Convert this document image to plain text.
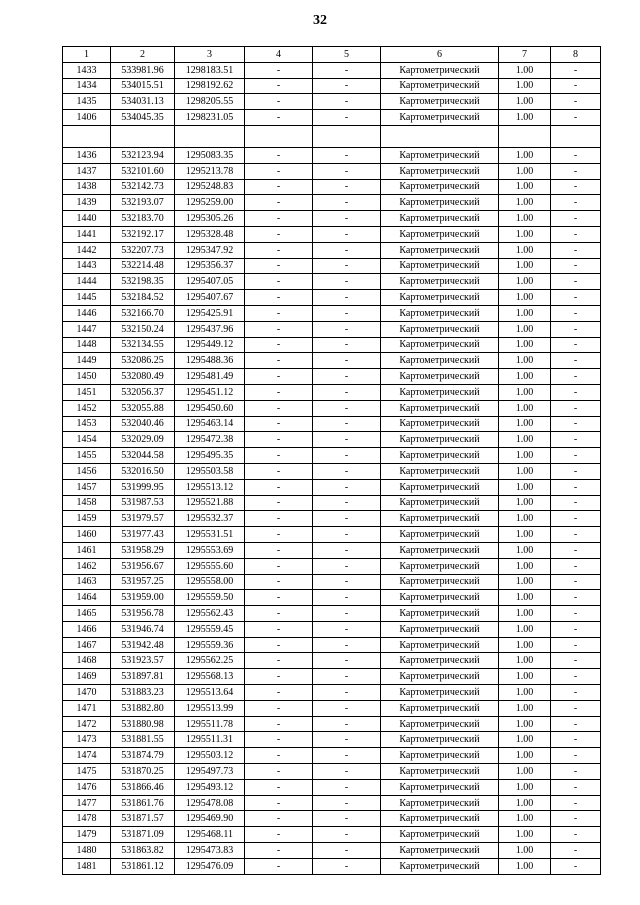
32
1	2	3	4	5	6	7	8
1433	533981.96	1298183.51	-	-	Картометрический	1.00	-
1434	534015.51	1298192.62	-	-	Картометрический	1.00	-
1435	534031.13	1298205.55	-	-	Картометрический	1.00	-
1406	534045.35	1298231.05	-	-	Картометрический	1.00	-

1436	532123.94	1295083.35	-	-	Картометрический	1.00	-
1437	532101.60	1295213.78	-	-	Картометрический	1.00	-
1438	532142.73	1295248.83	-	-	Картометрический	1.00	-
1439	532193.07	1295259.00	-	-	Картометрический	1.00	-
1440	532183.70	1295305.26	-	-	Картометрический	1.00	-
1441	532192.17	1295328.48	-	-	Картометрический	1.00	-
1442	532207.73	1295347.92	-	-	Картометрический	1.00	-
1443	532214.48	1295356.37	-	-	Картометрический	1.00	-
1444	532198.35	1295407.05	-	-	Картометрический	1.00	-
1445	532184.52	1295407.67	-	-	Картометрический	1.00	-
1446	532166.70	1295425.91	-	-	Картометрический	1.00	-
1447	532150.24	1295437.96	-	-	Картометрический	1.00	-
1448	532134.55	1295449.12	-	-	Картометрический	1.00	-
1449	532086.25	1295488.36	-	-	Картометрический	1.00	-
1450	532080.49	1295481.49	-	-	Картометрический	1.00	-
1451	532056.37	1295451.12	-	-	Картометрический	1.00	-
1452	532055.88	1295450.60	-	-	Картометрический	1.00	-
1453	532040.46	1295463.14	-	-	Картометрический	1.00	-
1454	532029.09	1295472.38	-	-	Картометрический	1.00	-
1455	532044.58	1295495.35	-	-	Картометрический	1.00	-
1456	532016.50	1295503.58	-	-	Картометрический	1.00	-
1457	531999.95	1295513.12	-	-	Картометрический	1.00	-
1458	531987.53	1295521.88	-	-	Картометрический	1.00	-
1459	531979.57	1295532.37	-	-	Картометрический	1.00	-
1460	531977.43	1295531.51	-	-	Картометрический	1.00	-
1461	531958.29	1295553.69	-	-	Картометрический	1.00	-
1462	531956.67	1295555.60	-	-	Картометрический	1.00	-
1463	531957.25	1295558.00	-	-	Картометрический	1.00	-
1464	531959.00	1295559.50	-	-	Картометрический	1.00	-
1465	531956.78	1295562.43	-	-	Картометрический	1.00	-
1466	531946.74	1295559.45	-	-	Картометрический	1.00	-
1467	531942.48	1295559.36	-	-	Картометрический	1.00	-
1468	531923.57	1295562.25	-	-	Картометрический	1.00	-
1469	531897.81	1295568.13	-	-	Картометрический	1.00	-
1470	531883.23	1295513.64	-	-	Картометрический	1.00	-
1471	531882.80	1295513.99	-	-	Картометрический	1.00	-
1472	531880.98	1295511.78	-	-	Картометрический	1.00	-
1473	531881.55	1295511.31	-	-	Картометрический	1.00	-
1474	531874.79	1295503.12	-	-	Картометрический	1.00	-
1475	531870.25	1295497.73	-	-	Картометрический	1.00	-
1476	531866.46	1295493.12	-	-	Картометрический	1.00	-
1477	531861.76	1295478.08	-	-	Картометрический	1.00	-
1478	531871.57	1295469.90	-	-	Картометрический	1.00	-
1479	531871.09	1295468.11	-	-	Картометрический	1.00	-
1480	531863.82	1295473.83	-	-	Картометрический	1.00	-
1481	531861.12	1295476.09	-	-	Картометрический	1.00	-
